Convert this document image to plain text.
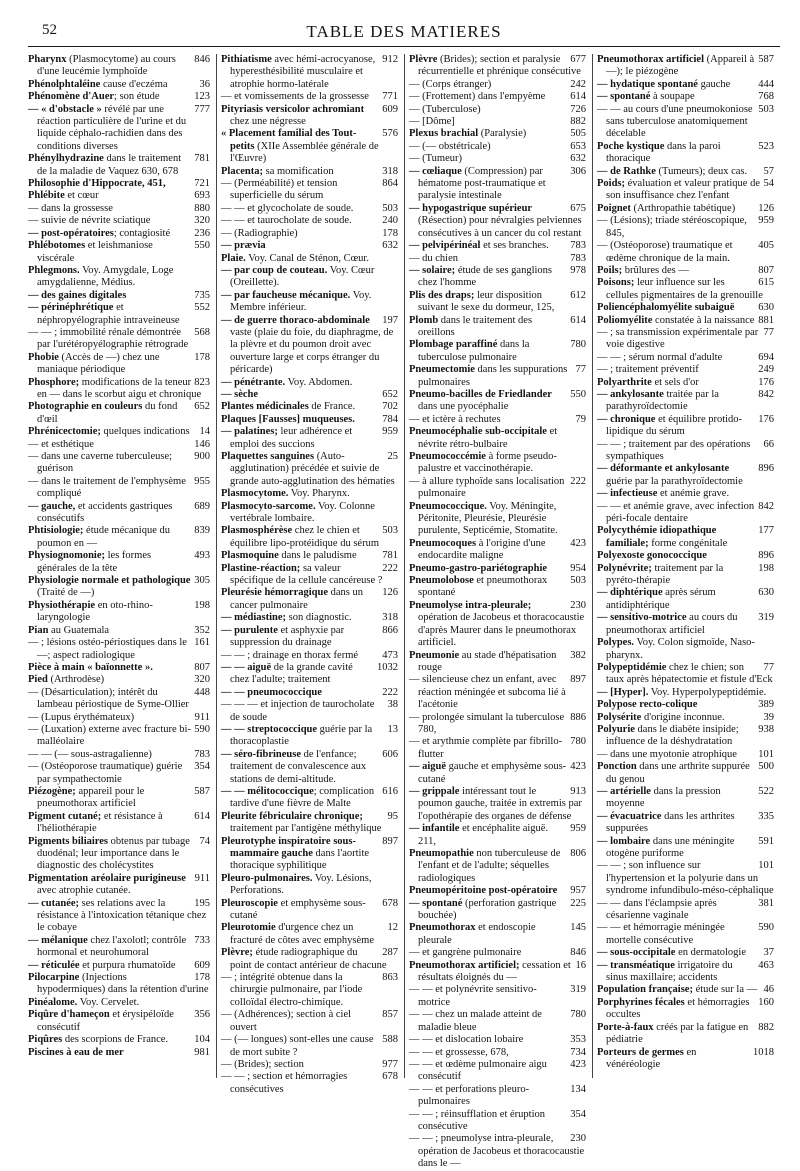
52	TABLE DES MATIERES
846
Pharynx (Plasmocytome) au cours d'une leucémie lymphoïde
36
Phénolphtaléine cause d'eczéma
123
Phénomène d'Auer; son étude
777
— « d'obstacle » révélé par une réaction particulière de l'urine et du liquide céphalo-rachidien dans des conditions diverses
781
Phénylhydrazine dans le traitement de la maladie de Vaquez 630, 678
721
Philosophie d'Hippocrate, 451,
693
Phlébite et cœur
880
— dans la grossesse
320
— suivie de névrite sciatique
236
— post-opératoires; contagiosité
550
Phlébotomes et leishmaniose viscérale
Phlegmons. Voy. Amygdale, Loge amygdalienne, Médius.
735
— des gaines digitales
552
— périnéphrétique et néphropyélographie intraveineuse
568
— — ; immobilité rénale démontrée par l'urétéropyélographie rétrograde
178
Phobie (Accès de —) chez une maniaque périodique
823
Phosphore; modifications de la teneur en — dans le scorbut aigu et chronique
652
Photographie en couleurs du fond d'œil
14
Phrénicectomie; quelques indications
146
— et esthétique
900
— dans une caverne tuberculeuse; guérison
955
— dans le traitement de l'emphysème compliqué
689
— gauche, et accidents gastriques consécutifs
839
Phtisiologie; étude mécanique du poumon en —
493
Physiognomonie; les formes générales de la tête
305
Physiologie normale et pathologique (Traité de —)
198
Physiothérapie en oto-rhino-laryngologie
352
Pian au Guatemala
161
— ; lésions ostéo-périostiques dans le —; aspect radiologique
807
Pièce à main « baïonnette ».
320
Pied (Arthrodèse)
448
— (Désarticulation); intérêt du lambeau périostique de Syme-Ollier
911
— (Lupus érythémateux)
590
— (Luxation) externe avec fracture bi-malléolaire
783
— — (— sous-astragalienne)
354
— (Ostéoporose traumatique) guérie par sympathectomie
587
Piézogène; appareil pour le pneumothorax artificiel
614
Pigment cutané; et résistance à l'héliothérapie
74
Pigments biliaires obtenus par tubage duodénal; leur importance dans le diagnostic des cholécystites
911
Pigmentation aréolaire purigineuse avec atrophie cutanée.
195
— cutanée; ses relations avec la résistance à l'intoxication tétanique chez le cobaye
733
— mélanique chez l'axolotl; contrôle hormonal et neurohumoral
609
— réticulée et purpura rhumatoïde
178
Pilocarpine (Injections hypodermiques) dans la rétention d'urine
Pinéalome. Voy. Cervelet.
356
Piqûre d'hameçon et érysipéloïde consécutif
104
Piqûres des scorpions de France.
981
Piscines à eau de mer
912
Pithiatisme avec hémi-acrocyanose, hyperesthésibilité musculaire et atrophie hormo-latérale
771
— et vomissements de la grossesse
609
Pityriasis versicolor achromiant chez une négresse
576
« Placement familial des Tout-petits (XIIe Assemblée générale de l'Œuvre)
318
Placenta; sa momification
864
— (Perméabilité) et tension superficielle du sérum
503
— — et glycocholate de soude.
240
— — et taurocholate de soude.
178
— (Radiographie)
632
— prævia
Plaie. Voy. Canal de Sténon, Cœur.
— par coup de couteau. Voy. Cœur (Oreillette).
— par faucheuse mécanique. Voy. Membre inférieur.
197
— de guerre thoraco-abdominale vaste (plaie du foie, du diaphragme, de la plèvre et du poumon droit avec ouverture large et corps étranger du péricarde)
— pénétrante. Voy. Abdomen.
652
— sèche
702
Plantes médicinales de France.
784
Plaques [Fausses] muqueuses.
959
— palatines; leur adhérence et emploi des succions
25
Plaquettes sanguines (Auto-agglutination) précédée et suivie de grande auto-agglutination des hématies
Plasmocytome. Voy. Pharynx.
Plasmocyto-sarcome. Voy. Colonne vertébrale lombaire.
503
Plasmosphérèse chez le chien et équilibre lipo-protéidique du sérum
781
Plasmoquine dans le paludisme
222
Plastine-réaction; sa valeur spécifique de la cellule cancéreuse ?
126
Pleurésie hémorragique dans un cancer pulmonaire
318
— médiastine; son diagnostic.
866
— purulente et asphyxie par suppression du drainage
473
— — ; drainage en thorax fermé
1032
— — aiguë de la grande cavité chez l'adulte; traitement
222
— — pneumococcique
38
— — — et injection de taurocholate de soude
13
— — streptococcique guérie par la thoracoplastie
606
— séro-fibrineuse de l'enfance; traitement de convalescence aux stations de demi-altitude.
616
— — mélitococcique; complication tardive d'une fièvre de Malte
95
Pleurite fébriculaire chronique; traitement par l'antigène méthylique
897
Pleurotyphe inspiratoire sous-mammaire gauche dans l'aortite thoracique syphilitique
Pleuro-pulmonaires. Voy. Lésions, Perforations.
678
Pleuroscopie et emphysème sous-cutané
12
Pleurotomie d'urgence chez un fracturé de côtes avec emphysème
287
Plèvre; étude radiographique du point de contact antérieur de chacune
863
— ; intégrité obtenue dans la chirurgie pulmonaire, par l'iode colloïdal électro-chimique.
857
— (Adhérences); section à ciel ouvert
588
— (— longues) sont-elles une cause de mort subite ?
977
— (Brides); section
678
— — ; section et hémorragies consécutives
677
Plèvre (Brides); section et paralysie récurrentielle et phrénique consécutive
242
— (Corps étranger)
614
— (Frottement) dans l'empyème
726
— (Tuberculose)
882
— [Dôme]
505
Plexus brachial (Paralysie)
653
— (— obstétricale)
632
— (Tumeur)
306
— cœliaque (Compression) par hématome post-traumatique et paralysie intestinale
675
— hypogastrique supérieur (Résection) pour névralgies pelviennes consécutives à un cancer du col restant
783
— pelvipérinéal et ses branches.
783
— du chien
978
— solaire; étude de ses ganglions chez l'homme
612
Plis des draps; leur disposition suivant le sexe du dormeur, 125,
614
Plomb dans le traitement des oreillons
780
Plombage paraffiné dans la tuberculose pulmonaire
77
Pneumectomie dans les suppurations pulmonaires
550
Pneumo-bacilles de Friedlander dans une pyocéphalie
79
— et ictère à rechutes
Pneumocéphalie sub-occipitale et névrite rétro-bulbaire
Pneumococcémie à forme pseudo-palustre et vaccinothérapie.
222
— à allure typhoïde sans localisation pulmonaire
Pneumococcique. Voy. Méningite, Péritonite, Pleurésie, Pleurésie purulente, Septicémie, Stomatite.
423
Pneumocoques à l'origine d'une endocardite maligne
954
Pneumo-gastro-pariétographie
503
Pneumolobose et pneumothorax spontané
230
Pneumolyse intra-pleurale; opération de Jacobeus et thoracocaustie d'après Maurer dans le pneumothorax artificiel.
382
Pneumonie au stade d'hépatisation rouge
897
— silencieuse chez un enfant, avec réaction méningée et subcoma lié à l'acétonie
886
— prolongée simulant la tuberculose 780,
780
— et arythmie complète par fibrillo-flutter
423
— aiguë gauche et emphysème sous-cutané
913
— grippale intéressant tout le poumon gauche, traitée in extremis par l'opothérapie des organes de défense
959
— infantile et encéphalite aiguë. 211,
806
Pneumopathie non tuberculeuse de l'enfant et de l'adulte; séquelles radiologiques
957
Pneumopéritoine post-opératoire
225
— spontané (perforation gastrique bouchée)
145
Pneumothorax et endoscopie pleurale
846
— et gangrène pulmonaire
16
Pneumothorax artificiel; cessation et résultats éloignés du —
319
— — et polynévrite sensitivo-motrice
780
— — chez un malade atteint de maladie bleue
353
— — et dislocation lobaire
734
— — et grossesse, 678,
423
— — et œdème pulmonaire aigu consécutif
134
— — et perforations pleuro-pulmonaires
354
— — ; réinsufflation et éruption consécutive
230
— — ; pneumolyse intra-pleurale, opération de Jacobeus et thoracocaustie dans le —
587
Pneumothorax artificiel (Appareil à —); le piézogène
444
— hydatique spontané gauche
768
— spontané à soupape
503
— — au cours d'une pneumokoniose sans tuberculose anatomiquement décelable
523
Poche kystique dans la paroi thoracique
57
— de Rathke (Tumeurs); deux cas.
54
Poids; évaluation et valeur pratique de son insuffisance chez l'enfant
126
Poignet (Arthropathie tabétique)
959
— (Lésions); triade stéréoscopique, 845,
405
— (Ostéoporose) traumatique et œdème chronique de la main.
807
Poils; brûlures des —
615
Poisons; leur influence sur les cellules pigmentaires de la grenouille
630
Poliencéphalomyélite subaiguë
881
Poliomyélite constatée à la naissance
77
— ; sa transmission expérimentale par voie digestive
694
— — ; sérum normal d'adulte
249
— ; traitement préventif
176
Polyarthrite et sels d'or
842
— ankylosante traitée par la parathyroïdectomie
176
— chronique et équilibre protido-lipidique du sérum
66
— — ; traitement par des opérations sympathiques
896
— déformante et ankylosante guérie par la parathyroïdectomie
— infectieuse et anémie grave.
842
— — et anémie grave, avec infection péri-focale dentaire
177
Polycythémie idiopathique familiale; forme congénitale
896
Polyexoste gonococcique
198
Polynévrite; traitement par la pyréto-thérapie
630
— diphtérique après sérum antidiphtérique
319
— sensitivo-motrice au cours du pneumothorax artificiel
Polypes. Voy. Colon sigmoïde, Naso-pharynx.
77
Polypeptidémie chez le chien; son taux après hépatectomie et fistule d'Eck
— [Hyper]. Voy. Hyperpolypeptidémie.
389
Polypose recto-colique
39
Polysérite d'origine inconnue.
938
Polyurie dans le diabète insipide; influence de la déshydratation
101
— dans une myotonie atrophique
500
Ponction dans une arthrite suppurée du genou
522
— artérielle dans la pression moyenne
335
— évacuatrice dans les arthrites suppurées
591
— lombaire dans une méningite otogène puriforme
101
— — ; son influence sur l'hypertension et la polyurie dans un syndrome infundibulo-méso-céphalique
381
— — dans l'éclampsie après césarienne vaginale
590
— — et hémorragie méningée mortelle consécutive
37
— sous-occipitale en dermatologie
463
— transméatique irrigatoire du sinus maxillaire; accidents
46
Population française; étude sur la —
160
Porphyrines fécales et hémorragies occultes
882
Porte-à-faux créés par la fatigue en pédiatrie
1018
Porteurs de germes en vénéréologie
